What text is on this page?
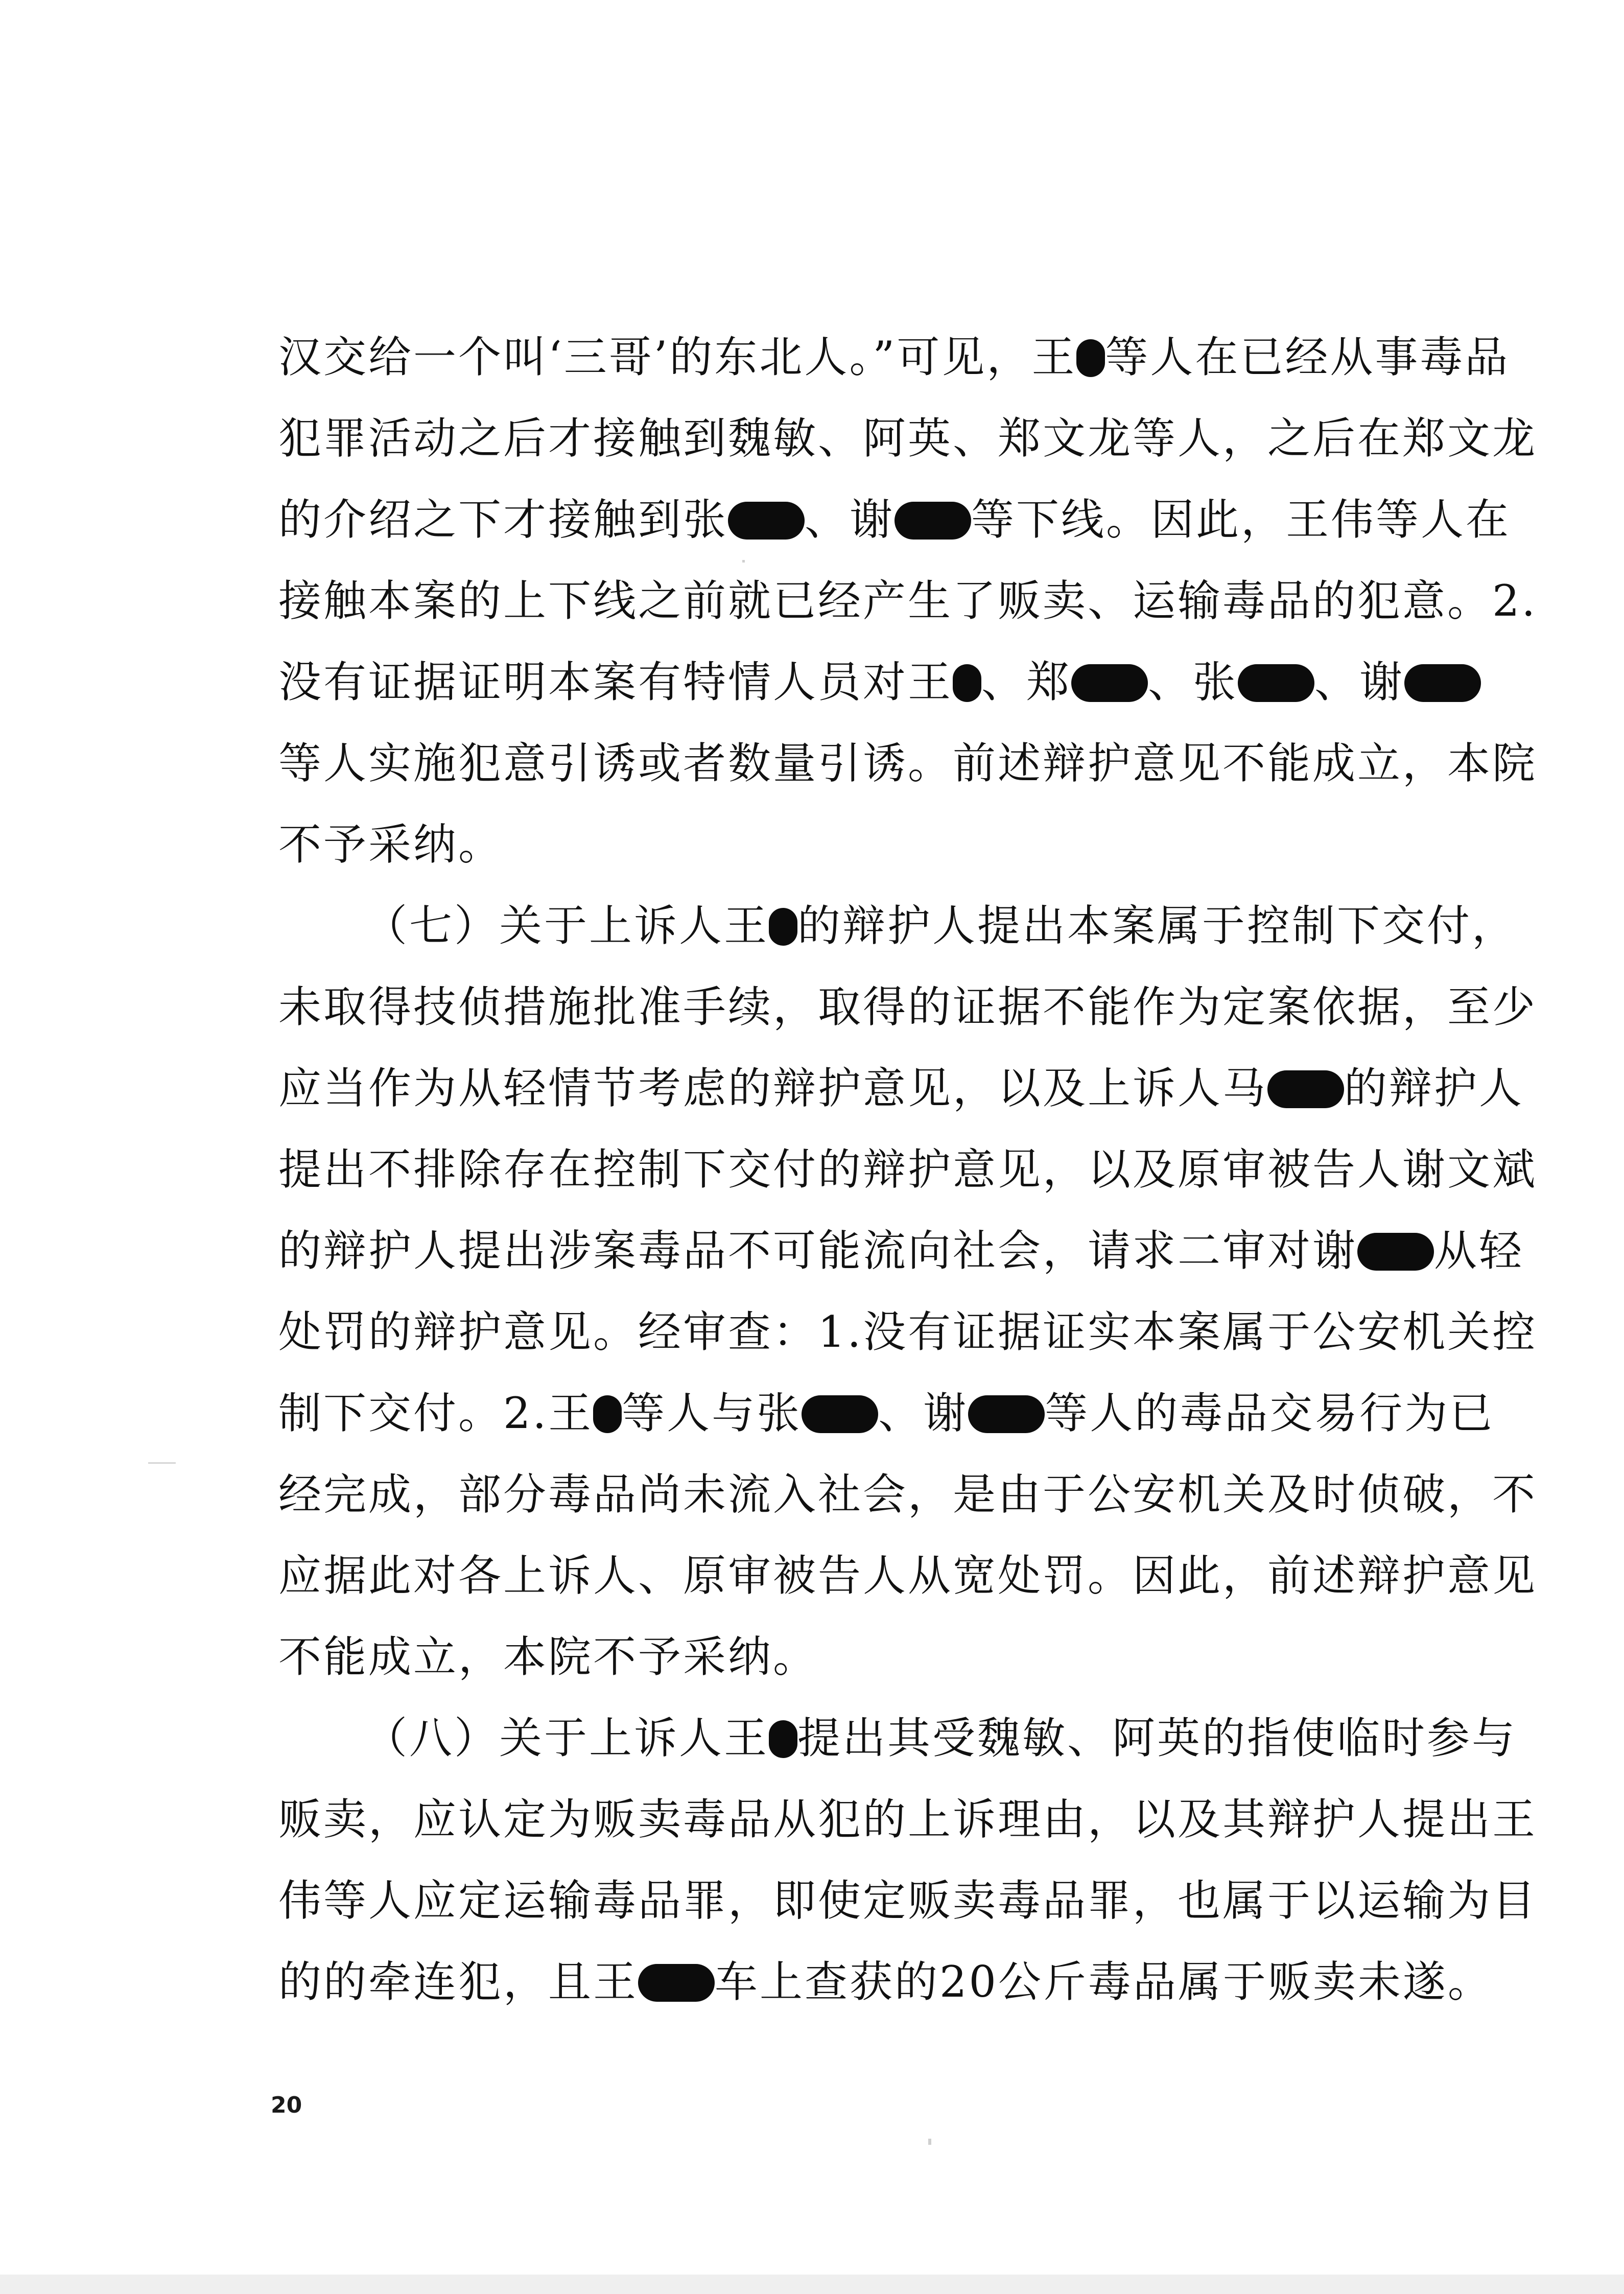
汉交给一个叫‘三哥’的东北人。”可见，王 等人在已经从事毒品
犯罪活动之后才接触到魏敏、阿英、郑文龙等人，之后在郑文龙
的介绍之下才接触到张 、谢 等下线。因此，王伟等人在
接触本案的上下线之前就已经产生了贩卖、运输毒品的犯意。2.
没有证据证明本案有特情人员对王 、郑 、张 、谢
等人实施犯意引诱或者数量引诱。前述辩护意见不能成立，本院
不予采纳。
（七）关于上诉人王 的辩护人提出本案属于控制下交付，
未取得技侦措施批准手续，取得的证据不能作为定案依据，至少
应当作为从轻情节考虑的辩护意见，以及上诉人马 的辩护人
提出不排除存在控制下交付的辩护意见，以及原审被告人谢文斌
的辩护人提出涉案毒品不可能流向社会，请求二审对谢 从轻
处罚的辩护意见。经审查：1.没有证据证实本案属于公安机关控
制下交付。2.王 等人与张 、谢 等人的毒品交易行为已
经完成，部分毒品尚未流入社会，是由于公安机关及时侦破，不
应据此对各上诉人、原审被告人从宽处罚。因此，前述辩护意见
不能成立，本院不予采纳。
（八）关于上诉人王 提出其受魏敏、阿英的指使临时参与
贩卖，应认定为贩卖毒品从犯的上诉理由，以及其辩护人提出王
伟等人应定运输毒品罪，即使定贩卖毒品罪，也属于以运输为目
的的牵连犯，且王 车上查获的20公斤毒品属于贩卖未遂。
20
